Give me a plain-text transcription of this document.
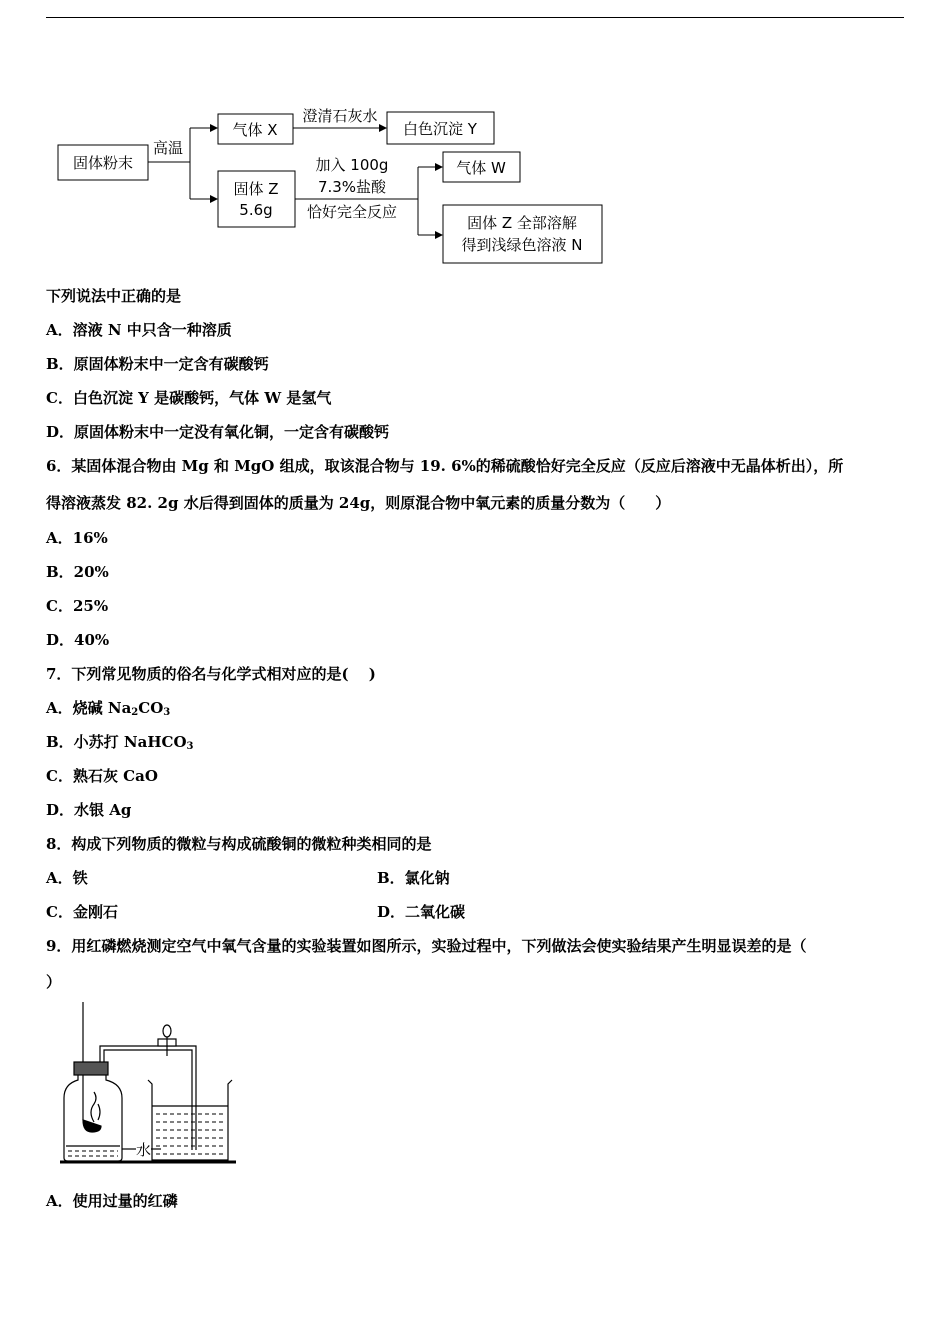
固体粉末
高温
气体 X
澄清石灰水
白色沉淀 Y
固体 Z
5.6g
加入 100g
7.3%盐酸
恰好完全反应
气体 W
固体 Z 全部溶解
得到浅绿色溶液 N
下列说法中正确的是
A．溶液 N 中只含一种溶质
B．原固体粉末中一定含有碳酸钙
C．白色沉淀 Y 是碳酸钙，气体 W 是氢气
D．原固体粉末中一定没有氧化铜，一定含有碳酸钙
6．某固体混合物由 Mg 和 MgO 组成，取该混合物与 19. 6%的稀硫酸恰好完全反应（反应后溶液中无晶体析出），所
得溶液蒸发 82. 2g 水后得到固体的质量为 24g，则原混合物中氧元素的质量分数为（　　）
A．16%
B．20%
C．25%
D．40%
7．下列常见物质的俗名与化学式相对应的是(　 )
A．烧碱 $Na_2CO_3$
B．小苏打 NaHCO$_3$
C．熟石灰 CaO
D．水银 Ag
8．构成下列物质的微粒与构成硫酸铜的微粒种类相同的是
A．铁	B．氯化钠
C．金刚石	D．二氧化碳
9．用红磷燃烧测定空气中氧气含量的实验装置如图所示，实验过程中，下列做法会使实验结果产生明显误差的是（
）
水
A．使用过量的红磷
